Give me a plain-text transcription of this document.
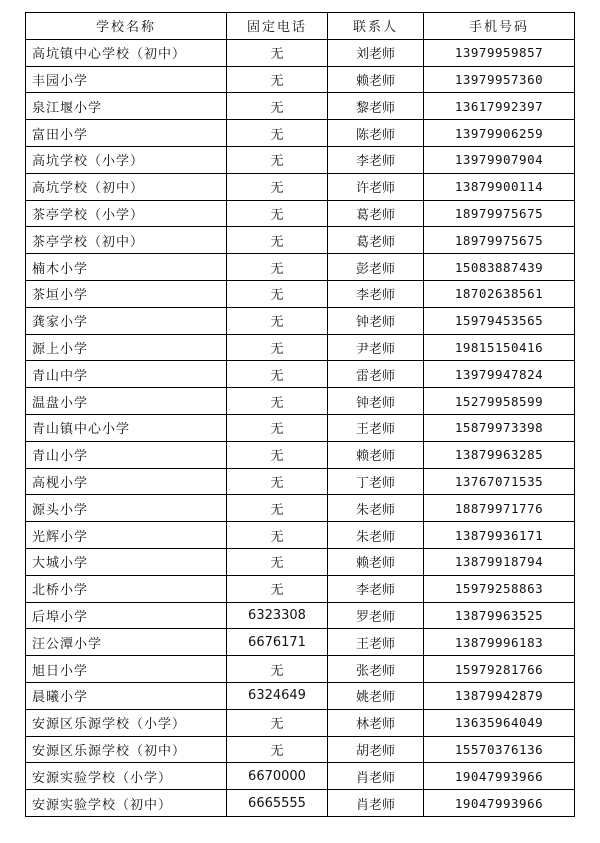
学校名称	固定电话	联系人	手机号码
高坑镇中心学校（初中）	无	刘老师	13979959857
丰园小学	无	赖老师	13979957360
泉江堰小学	无	黎老师	13617992397
富田小学	无	陈老师	13979906259
高坑学校（小学）	无	李老师	13979907904
高坑学校（初中）	无	许老师	13879900114
茶亭学校（小学）	无	葛老师	18979975675
茶亭学校（初中）	无	葛老师	18979975675
楠木小学	无	彭老师	15083887439
茶垣小学	无	李老师	18702638561
龚家小学	无	钟老师	15979453565
源上小学	无	尹老师	19815150416
青山中学	无	雷老师	13979947824
温盘小学	无	钟老师	15279958599
青山镇中心小学	无	王老师	15879973398
青山小学	无	赖老师	13879963285
高枧小学	无	丁老师	13767071535
源头小学	无	朱老师	18879971776
光辉小学	无	朱老师	13879936171
大城小学	无	赖老师	13879918794
北桥小学	无	李老师	15979258863
后埠小学	6323308	罗老师	13879963525
汪公潭小学	6676171	王老师	13879996183
旭日小学	无	张老师	15979281766
晨曦小学	6324649	姚老师	13879942879
安源区乐源学校（小学）	无	林老师	13635964049
安源区乐源学校（初中）	无	胡老师	15570376136
安源实验学校（小学）	6670000	肖老师	19047993966
安源实验学校（初中）	6665555	肖老师	19047993966
